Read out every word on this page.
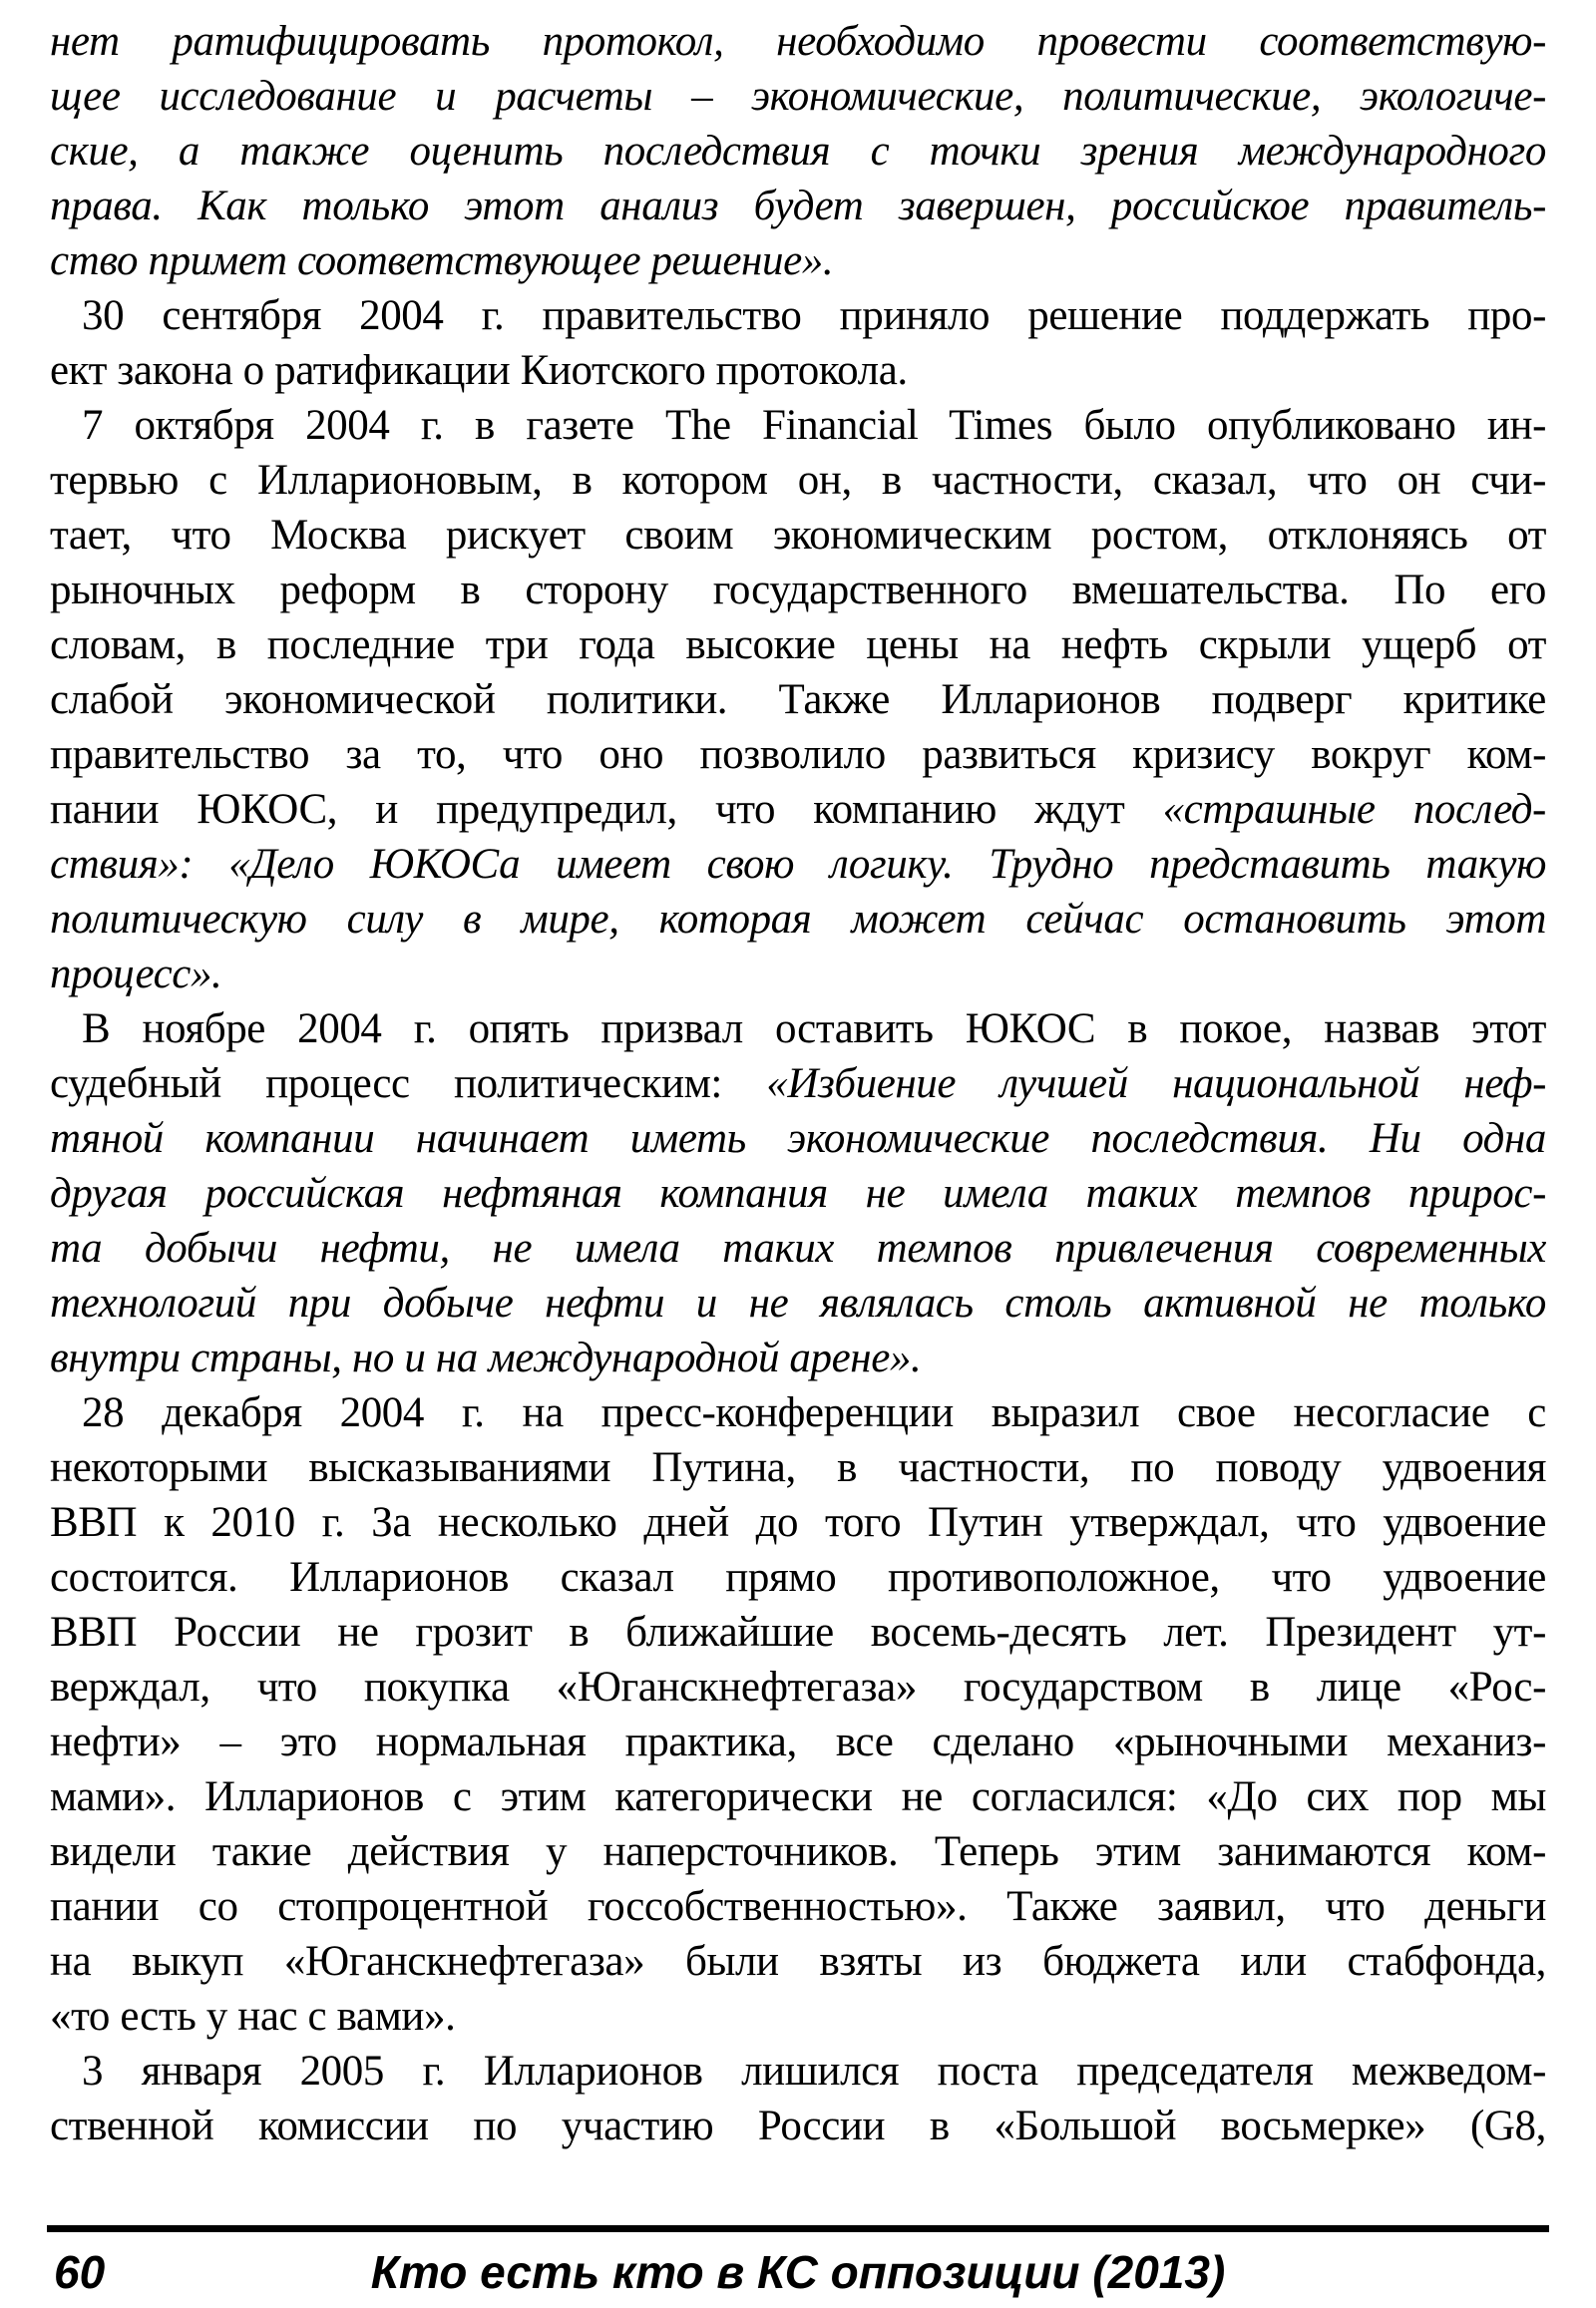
нет ратифицировать протокол, необходимо провести соответствую-
щее исследование и расчеты – экономические, политические, экологиче-
ские, а также оценить последствия с точки зрения международного
права. Как только этот анализ будет завершен, российское правитель-
ство примет соответствующее решение».
30 сентября 2004 г. правительство приняло решение поддержать про-
ект закона о ратификации Киотского протокола.
7 октября 2004 г. в газете The Financial Times было опубликовано ин-
тервью с Илларионовым, в котором он, в частности, сказал, что он счи-
тает, что Москва рискует своим экономическим ростом, отклоняясь от
рыночных реформ в сторону государственного вмешательства. По его
словам, в последние три года высокие цены на нефть скрыли ущерб от
слабой экономической политики. Также Илларионов подверг критике
правительство за то, что оно позволило развиться кризису вокруг ком-
пании ЮКОС, и предупредил, что компанию ждут «страшные послед-
ствия»: «Дело ЮКОСа имеет свою логику. Трудно представить такую
политическую силу в мире, которая может сейчас остановить этот
процесс».
В ноябре 2004 г. опять призвал оставить ЮКОС в покое, назвав этот
судебный процесс политическим: «Избиение лучшей национальной неф-
тяной компании начинает иметь экономические последствия. Ни одна
другая российская нефтяная компания не имела таких темпов прирос-
та добычи нефти, не имела таких темпов привлечения современных
технологий при добыче нефти и не являлась столь активной не только
внутри страны, но и на международной арене».
28 декабря 2004 г. на пресс-конференции выразил свое несогласие с
некоторыми высказываниями Путина, в частности, по поводу удвоения
ВВП к 2010 г. За несколько дней до того Путин утверждал, что удвоение
состоится. Илларионов сказал прямо противоположное, что удвоение
ВВП России не грозит в ближайшие восемь-десять лет. Президент ут-
верждал, что покупка «Юганскнефтегаза» государством в лице «Рос-
нефти» – это нормальная практика, все сделано «рыночными механиз-
мами». Илларионов с этим категорически не согласился: «До сих пор мы
видели такие действия у наперсточников. Теперь этим занимаются ком-
пании со стопроцентной госсобственностью». Также заявил, что деньги
на выкуп «Юганскнефтегаза» были взяты из бюджета или стабфонда,
«то есть у нас с вами».
3 января 2005 г. Илларионов лишился поста председателя межведом-
ственной комиссии по участию России в «Большой восьмерке» (G8,
60	Кто есть кто в КС оппозиции (2013)
